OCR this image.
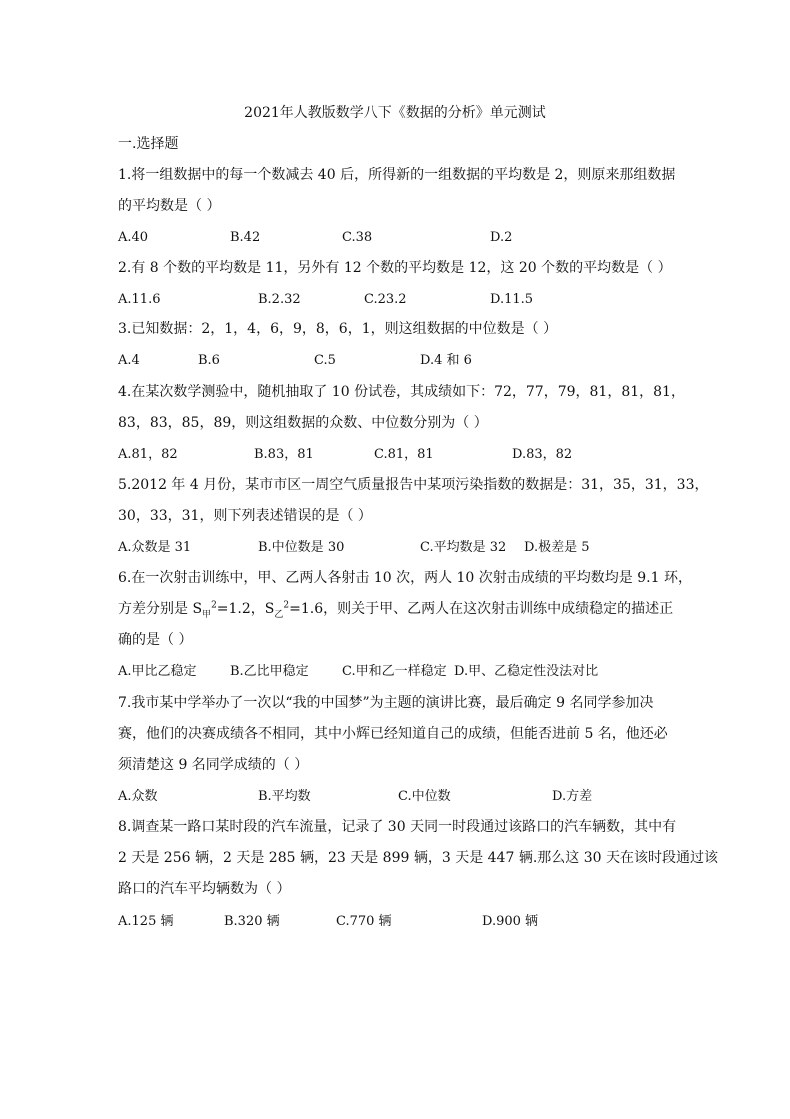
2021年人教版数学八下《数据的分析》单元测试
一.选择题

1.将一组数据中的每一个数减去 40 后，所得新的一组数据的平均数是 2，则原来那组数据

的平均数是（ ）

A.40	B.42	C.38	D.2

2.有 8 个数的平均数是 11，另外有 12 个数的平均数是 12，这 20 个数的平均数是（ ）

A.11.6	B.2.32	C.23.2	D.11.5

3.已知数据：2，1，4，6，9，8，6，1，则这组数据的中位数是（ ）

A.4	B.6	C.5	D.4 和 6

4.在某次数学测验中，随机抽取了 10 份试卷，其成绩如下：72，77，79，81，81，81，

83，83，85，89，则这组数据的众数、中位数分别为（ ）

A.81，82	B.83，81	C.81，81	D.83，82

5.2012 年 4 月份，某市市区一周空气质量报告中某项污染指数的数据是：31，35，31，33，

30，33，31，则下列表述错误的是（ ）

A.众数是 31	B.中位数是 30	C.平均数是 32 D.极差是 5

6.在一次射击训练中，甲、乙两人各射击 10 次，两人 10 次射击成绩的平均数均是 9.1 环，

方差分别是 $S_甲^2=1.2$，$S_乙^2=1.6$，则关于甲、乙两人在这次射击训练中成绩稳定的描述正

确的是（ ）

A.甲比乙稳定	B.乙比甲稳定	C.甲和乙一样稳定 D.甲、乙稳定性没法对比

7.我市某中学举办了一次以“我的中国梦”为主题的演讲比赛，最后确定 9 名同学参加决

赛，他们的决赛成绩各不相同，其中小辉已经知道自己的成绩，但能否进前 5 名，他还必

须清楚这 9 名同学成绩的（ ）

A.众数	B.平均数	C.中位数	D.方差

8.调查某一路口某时段的汽车流量，记录了 30 天同一时段通过该路口的汽车辆数，其中有

2 天是 256 辆，2 天是 285 辆，23 天是 899 辆，3 天是 447 辆.那么这 30 天在该时段通过该

路口的汽车平均辆数为（ ）

A.125 辆	B.320 辆	C.770 辆	D.900 辆
